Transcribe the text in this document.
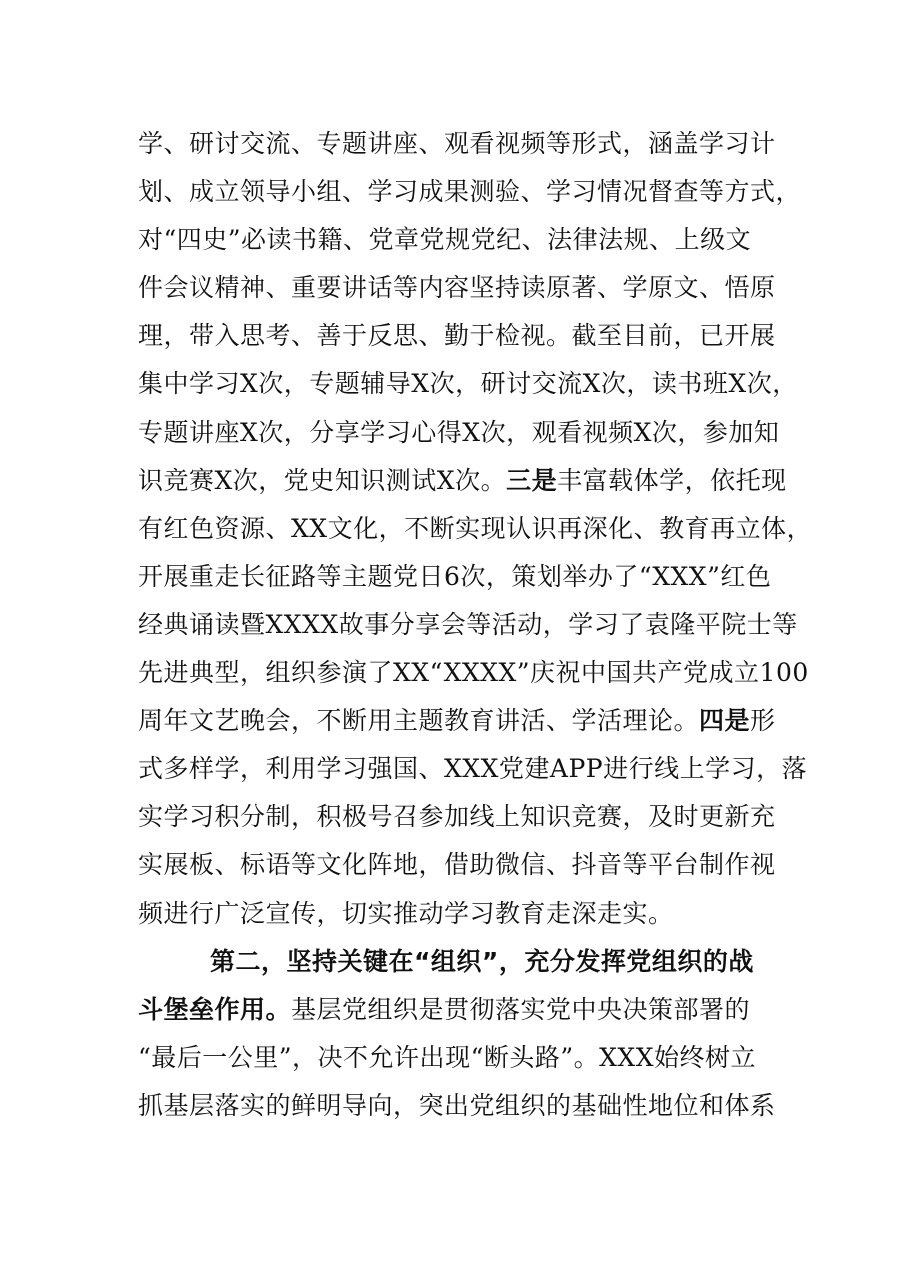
学、研讨交流、专题讲座、观看视频等形式，涵盖学习计
划、成立领导小组、学习成果测验、学习情况督查等方式，
对“四史”必读书籍、党章党规党纪、法律法规、上级文
件会议精神、重要讲话等内容坚持读原著、学原文、悟原
理，带入思考、善于反思、勤于检视。截至目前，已开展
集中学习X次，专题辅导X次，研讨交流X次，读书班X次，
专题讲座X次，分享学习心得X次，观看视频X次，参加知
识竞赛X次，党史知识测试X次。三是丰富载体学，依托现
有红色资源、XX文化，不断实现认识再深化、教育再立体，
开展重走长征路等主题党日6次，策划举办了“XXX”红色
经典诵读暨XXXX故事分享会等活动，学习了袁隆平院士等
先进典型，组织参演了XX“XXXX”庆祝中国共产党成立100
周年文艺晚会，不断用主题教育讲活、学活理论。四是形
式多样学，利用学习强国、XXX党建APP进行线上学习，落
实学习积分制，积极号召参加线上知识竞赛，及时更新充
实展板、标语等文化阵地，借助微信、抖音等平台制作视
频进行广泛宣传，切实推动学习教育走深走实。
第二，坚持关键在“组织”，充分发挥党组织的战
斗堡垒作用。基层党组织是贯彻落实党中央决策部署的
“最后一公里”，决不允许出现“断头路”。XXX始终树立
抓基层落实的鲜明导向，突出党组织的基础性地位和体系
